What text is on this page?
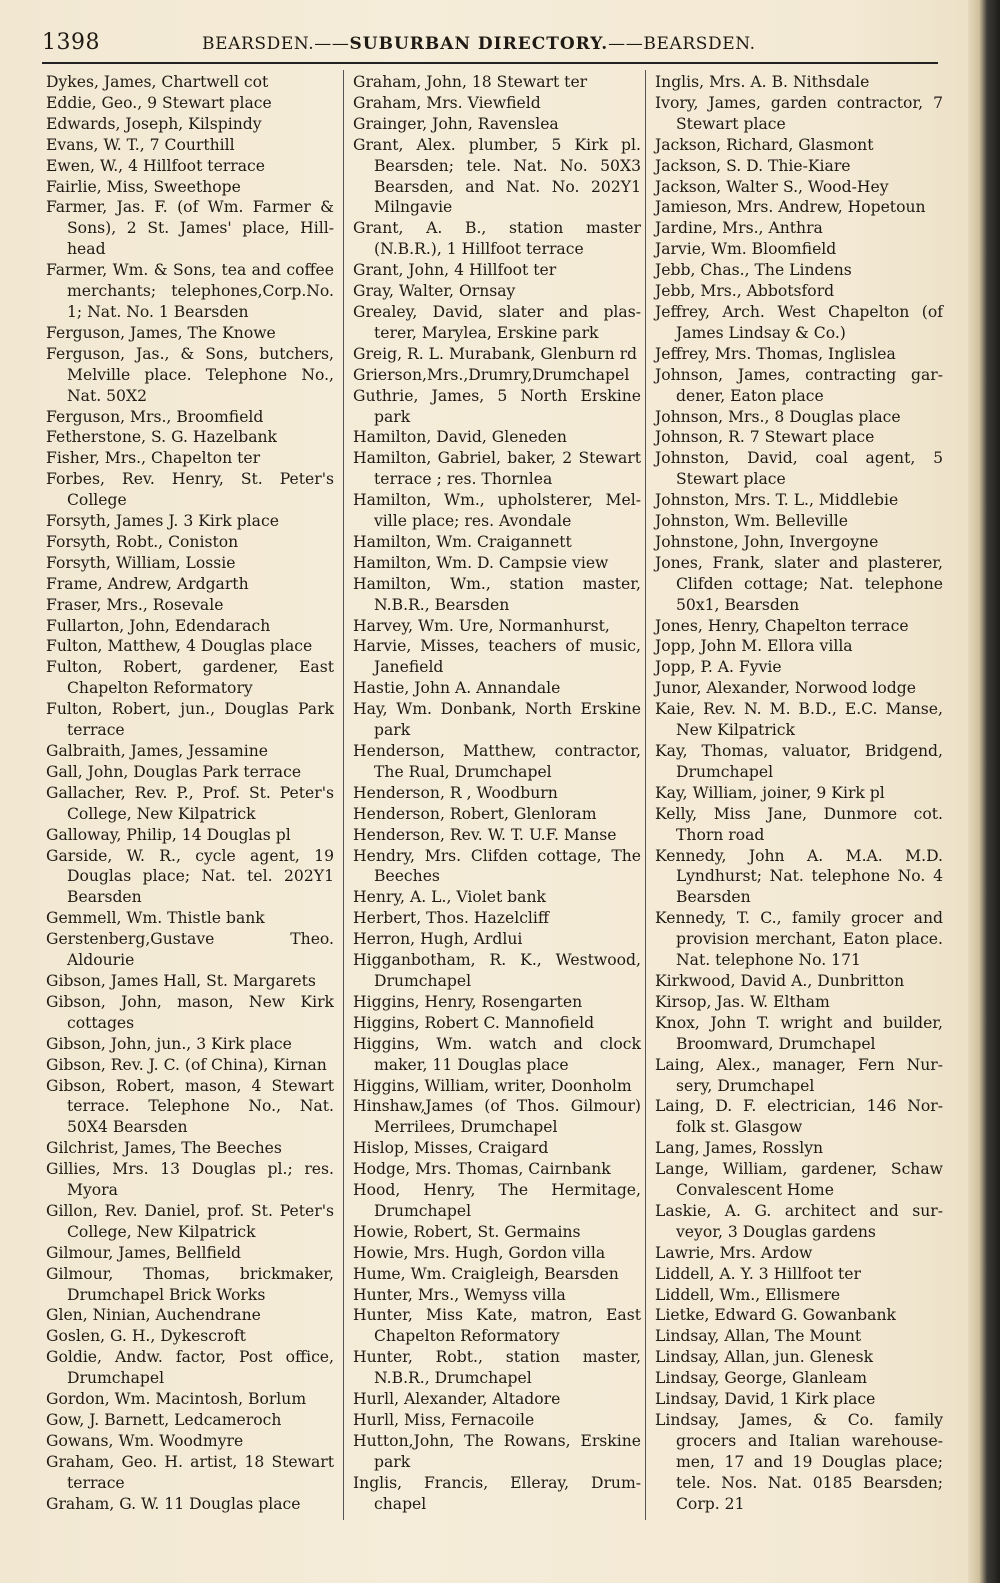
1398	BEARSDEN.——SUBURBAN DIRECTORY.——BEARSDEN.

Dykes, James, Chartwell cot

Eddie, Geo., 9 Stewart place

Edwards, Joseph, Kilspindy

Evans, W. T., 7 Courthill

Ewen, W., 4 Hillfoot terrace

Fairlie, Miss, Sweethope

Farmer, Jas. F. (of Wm. Farmer & Sons), 2 St. James' place, Hill-head

Farmer, Wm. & Sons, tea and coffee merchants; telephones,Corp.No. 1; Nat. No. 1 Bearsden

Ferguson, James, The Knowe

Ferguson, Jas., & Sons, butchers, Melville place. Telephone No., Nat. 50X2

Ferguson, Mrs., Broomfield

Fetherstone, S. G. Hazelbank

Fisher, Mrs., Chapelton ter

Forbes, Rev. Henry, St. Peter's College

Forsyth, James J. 3 Kirk place

Forsyth, Robt., Coniston

Forsyth, William, Lossie

Frame, Andrew, Ardgarth

Fraser, Mrs., Rosevale

Fullarton, John, Edendarach

Fulton, Matthew, 4 Douglas place

Fulton, Robert, gardener, East Chapelton Reformatory

Fulton, Robert, jun., Douglas Park terrace

Galbraith, James, Jessamine

Gall, John, Douglas Park terrace

Gallacher, Rev. P., Prof. St. Peter's College, New Kilpatrick

Galloway, Philip, 14 Douglas pl

Garside, W. R., cycle agent, 19 Douglas place; Nat. tel. 202Y1 Bearsden

Gemmell, Wm. Thistle bank

Gerstenberg,Gustave Theo. Aldourie

Gibson, James Hall, St. Margarets

Gibson, John, mason, New Kirk cottages

Gibson, John, jun., 3 Kirk place

Gibson, Rev. J. C. (of China), Kirnan

Gibson, Robert, mason, 4 Stewart terrace. Telephone No., Nat. 50X4 Bearsden

Gilchrist, James, The Beeches

Gillies, Mrs. 13 Douglas pl.; res. Myora

Gillon, Rev. Daniel, prof. St. Peter's College, New Kilpatrick

Gilmour, James, Bellfield

Gilmour, Thomas, brickmaker, Drumchapel Brick Works

Glen, Ninian, Auchendrane

Goslen, G. H., Dykescroft

Goldie, Andw. factor, Post office, Drumchapel

Gordon, Wm. Macintosh, Borlum

Gow, J. Barnett, Ledcameroch

Gowans, Wm. Woodmyre

Graham, Geo. H. artist, 18 Stewart terrace

Graham, G. W. 11 Douglas place

Graham, John, 18 Stewart ter

Graham, Mrs. Viewfield

Grainger, John, Ravenslea

Grant, Alex. plumber, 5 Kirk pl. Bearsden; tele. Nat. No. 50X3 Bearsden, and Nat. No. 202Y1 Milngavie

Grant, A. B., station master (N.B.R.), 1 Hillfoot terrace

Grant, John, 4 Hillfoot ter

Gray, Walter, Ornsay

Grealey, David, slater and plas-terer, Marylea, Erskine park

Greig, R. L. Murabank, Glenburn rd

Grierson,Mrs.,Drumry,Drumchapel

Guthrie, James, 5 North Erskine park

Hamilton, David, Gleneden

Hamilton, Gabriel, baker, 2 Stewart terrace ; res. Thornlea

Hamilton, Wm., upholsterer, Mel-ville place; res. Avondale

Hamilton, Wm. Craigannett

Hamilton, Wm. D. Campsie view

Hamilton, Wm., station master, N.B.R., Bearsden

Harvey, Wm. Ure, Normanhurst,

Harvie, Misses, teachers of music, Janefield

Hastie, John A. Annandale

Hay, Wm. Donbank, North Erskine park

Henderson, Matthew, contractor, The Rual, Drumchapel

Henderson, R , Woodburn

Henderson, Robert, Glenloram

Henderson, Rev. W. T. U.F. Manse

Hendry, Mrs. Clifden cottage, The Beeches

Henry, A. L., Violet bank

Herbert, Thos. Hazelcliff

Herron, Hugh, Ardlui

Higganbotham, R. K., Westwood, Drumchapel

Higgins, Henry, Rosengarten

Higgins, Robert C. Mannofield

Higgins, Wm. watch and clock maker, 11 Douglas place

Higgins, William, writer, Doonholm

Hinshaw,James (of Thos. Gilmour) Merrilees, Drumchapel

Hislop, Misses, Craigard

Hodge, Mrs. Thomas, Cairnbank

Hood, Henry, The Hermitage, Drumchapel

Howie, Robert, St. Germains

Howie, Mrs. Hugh, Gordon villa

Hume, Wm. Craigleigh, Bearsden

Hunter, Mrs., Wemyss villa

Hunter, Miss Kate, matron, East Chapelton Reformatory

Hunter, Robt., station master, N.B.R., Drumchapel

Hurll, Alexander, Altadore

Hurll, Miss, Fernacoile

Hutton,John, The Rowans, Erskine park

Inglis, Francis, Elleray, Drum-chapel

Inglis, Mrs. A. B. Nithsdale

Ivory, James, garden contractor, 7 Stewart place

Jackson, Richard, Glasmont

Jackson, S. D. Thie-Kiare

Jackson, Walter S., Wood-Hey

Jamieson, Mrs. Andrew, Hopetoun

Jardine, Mrs., Anthra

Jarvie, Wm. Bloomfield

Jebb, Chas., The Lindens

Jebb, Mrs., Abbotsford

Jeffrey, Arch. West Chapelton (of James Lindsay & Co.)

Jeffrey, Mrs. Thomas, Inglislea

Johnson, James, contracting gar-dener, Eaton place

Johnson, Mrs., 8 Douglas place

Johnson, R. 7 Stewart place

Johnston, David, coal agent, 5 Stewart place

Johnston, Mrs. T. L., Middlebie

Johnston, Wm. Belleville

Johnstone, John, Invergoyne

Jones, Frank, slater and plasterer, Clifden cottage; Nat. telephone 50x1, Bearsden

Jones, Henry, Chapelton terrace

Jopp, John M. Ellora villa

Jopp, P. A. Fyvie

Junor, Alexander, Norwood lodge

Kaie, Rev. N. M. B.D., E.C. Manse, New Kilpatrick

Kay, Thomas, valuator, Bridgend, Drumchapel

Kay, William, joiner, 9 Kirk pl

Kelly, Miss Jane, Dunmore cot. Thorn road

Kennedy, John A. M.A. M.D. Lyndhurst; Nat. telephone No. 4 Bearsden

Kennedy, T. C., family grocer and provision merchant, Eaton place. Nat. telephone No. 171

Kirkwood, David A., Dunbritton

Kirsop, Jas. W. Eltham

Knox, John T. wright and builder, Broomward, Drumchapel

Laing, Alex., manager, Fern Nur-sery, Drumchapel

Laing, D. F. electrician, 146 Nor-folk st. Glasgow

Lang, James, Rosslyn

Lange, William, gardener, Schaw Convalescent Home

Laskie, A. G. architect and sur-veyor, 3 Douglas gardens

Lawrie, Mrs. Ardow

Liddell, A. Y. 3 Hillfoot ter

Liddell, Wm., Ellismere

Lietke, Edward G. Gowanbank

Lindsay, Allan, The Mount

Lindsay, Allan, jun. Glenesk

Lindsay, George, Glanleam

Lindsay, David, 1 Kirk place

Lindsay, James, & Co. family grocers and Italian warehouse-men, 17 and 19 Douglas place; tele. Nos. Nat. 0185 Bearsden; Corp. 21
